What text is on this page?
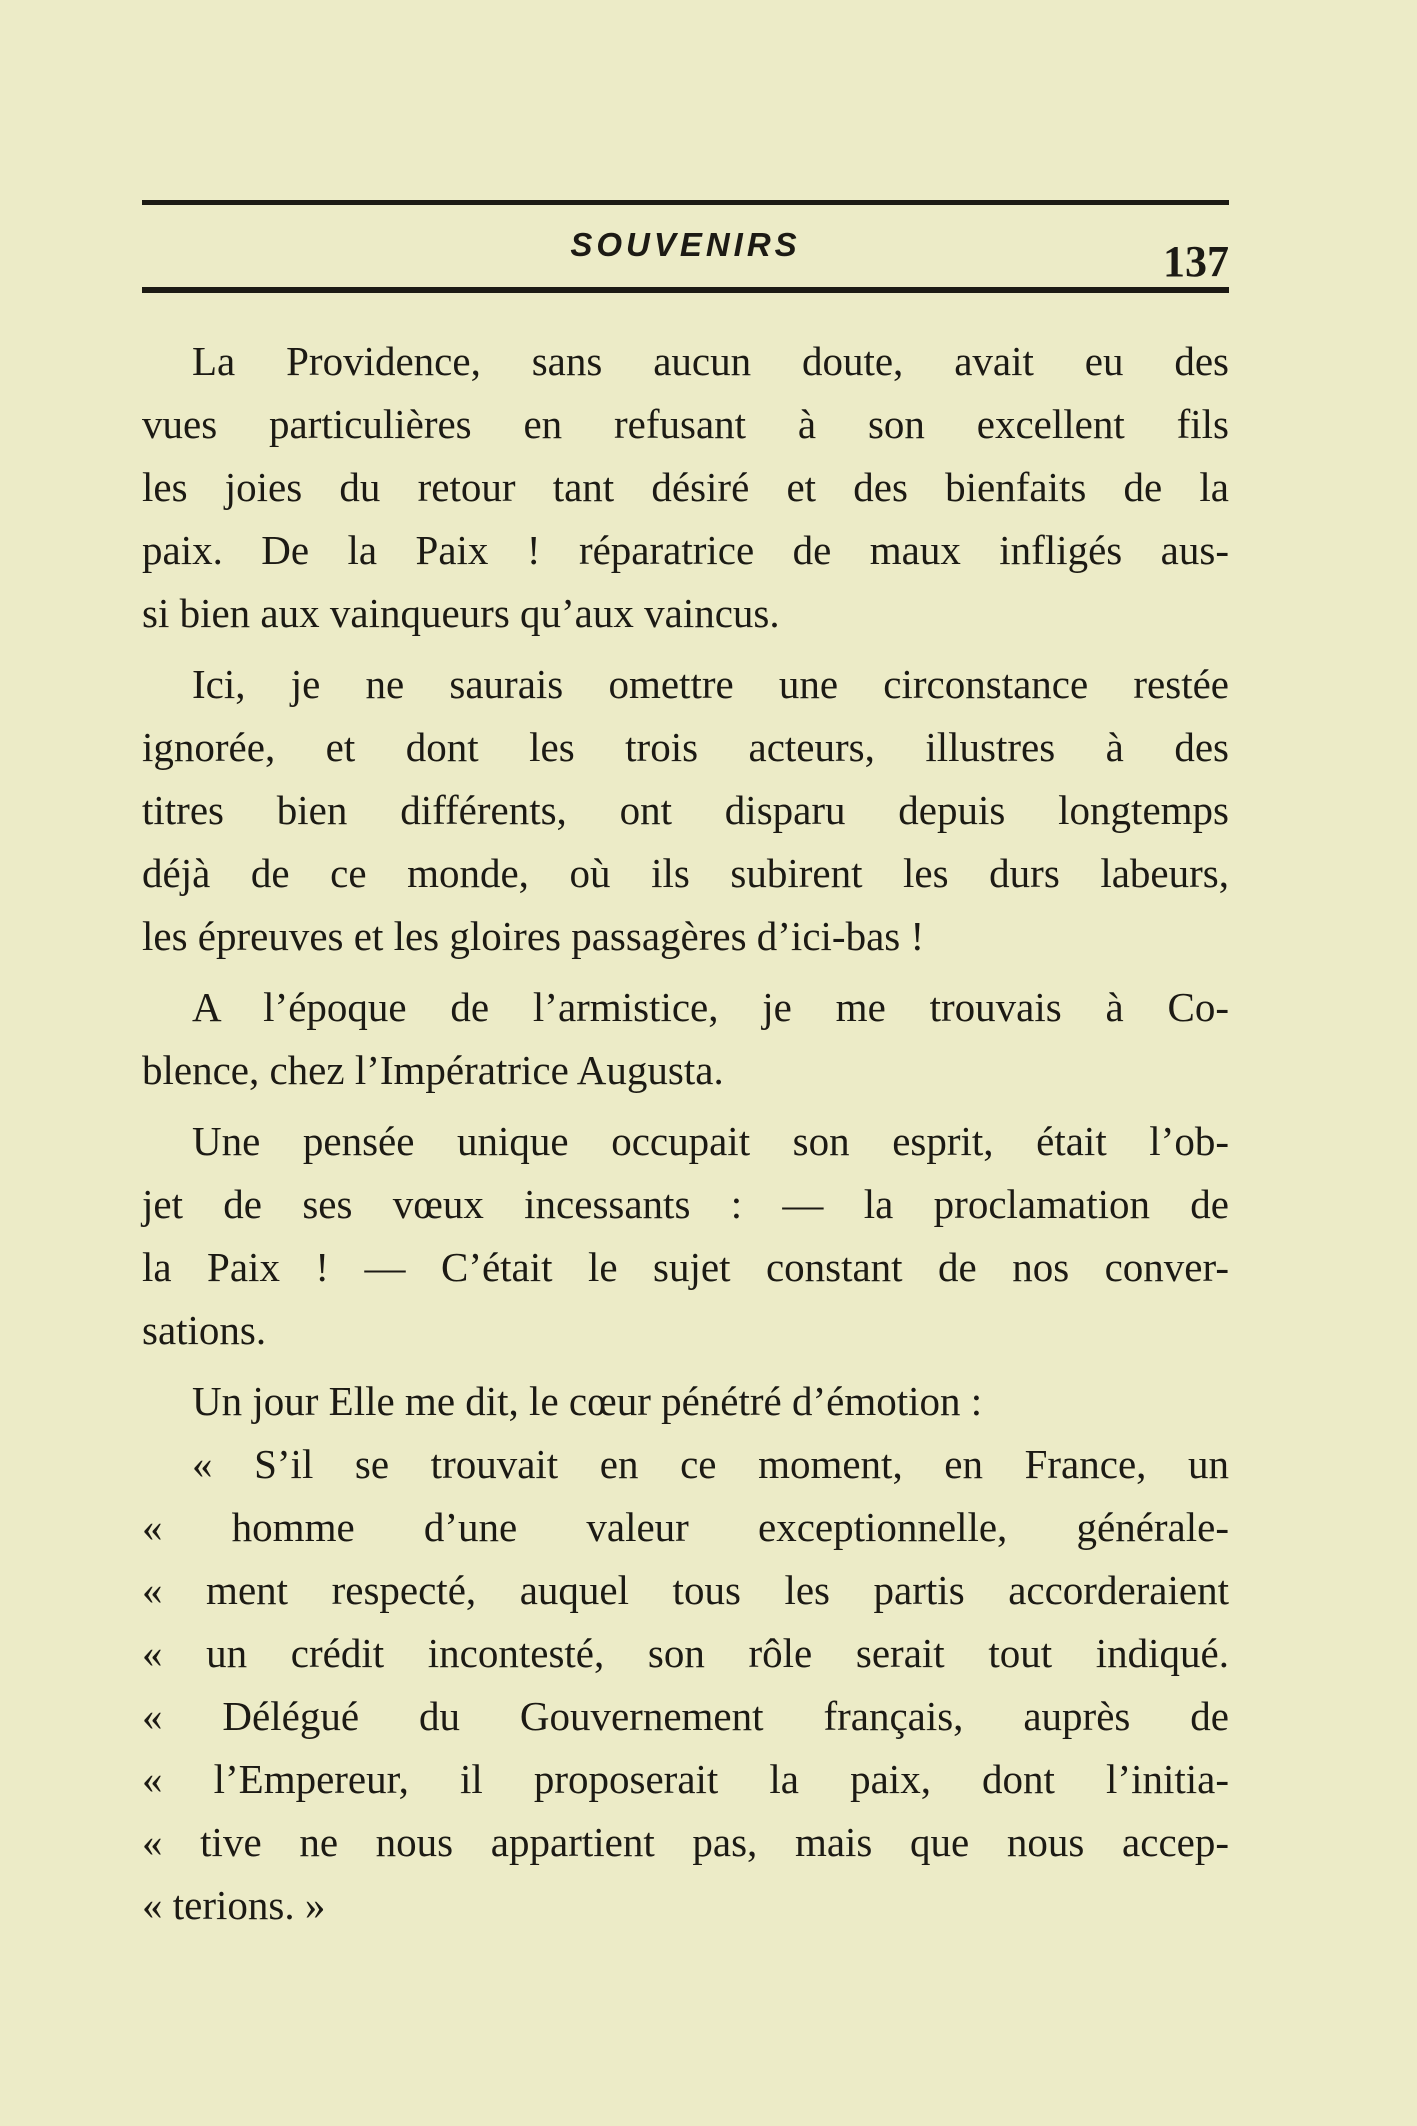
SOUVENIRS	137
La Providence, sans aucun doute, avait eu des
vues particulières en refusant à son excellent fils
les joies du retour tant désiré et des bienfaits de la
paix. De la Paix ! réparatrice de maux infligés aus-
si bien aux vainqueurs qu’aux vaincus.
Ici, je ne saurais omettre une circonstance restée
ignorée, et dont les trois acteurs, illustres à des
titres bien différents, ont disparu depuis longtemps
déjà de ce monde, où ils subirent les durs labeurs,
les épreuves et les gloires passagères d’ici-bas !
A l’époque de l’armistice, je me trouvais à Co-
blence, chez l’Impératrice Augusta.
Une pensée unique occupait son esprit, était l’ob-
jet de ses vœux incessants : — la proclamation de
la Paix ! — C’était le sujet constant de nos conver-
sations.
Un jour Elle me dit, le cœur pénétré d’émotion :
« S’il se trouvait en ce moment, en France, un
« homme d’une valeur exceptionnelle, générale-
« ment respecté, auquel tous les partis accorderaient
« un crédit incontesté, son rôle serait tout indiqué.
« Délégué du Gouvernement français, auprès de
« l’Empereur, il proposerait la paix, dont l’initia-
« tive ne nous appartient pas, mais que nous accep-
« terions. »
